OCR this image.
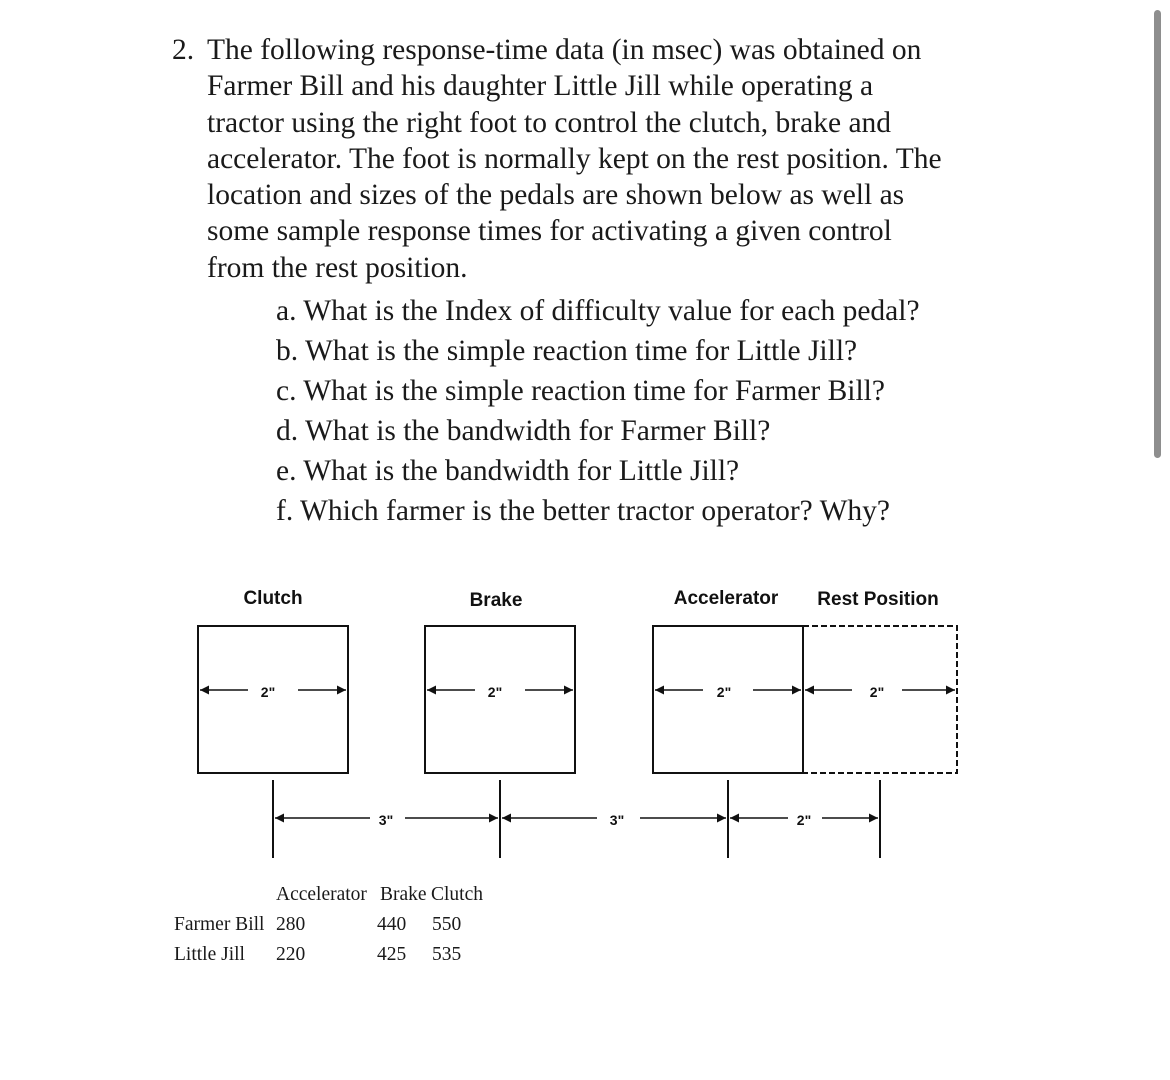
2. The following response-time data (in msec) was obtained on
Farmer Bill and his daughter Little Jill while operating a
tractor using the right foot to control the clutch, brake and
accelerator. The foot is normally kept on the rest position. The
location and sizes of the pedals are shown below as well as
some sample response times for activating a given control
from the rest position.
a. What is the Index of difficulty value for each pedal?
b. What is the simple reaction time for Little Jill?
c. What is the simple reaction time for Farmer Bill?
d. What is the bandwidth for Farmer Bill?
e. What is the bandwidth for Little Jill?
f. Which farmer is the better tractor operator? Why?
Clutch	Brake	Accelerator Rest Position
2"	2"	2"	2"
3"	3"	2"
Accelerator Brake Clutch
Farmer Bill 280	440 550
Little Jill 220	425 535
